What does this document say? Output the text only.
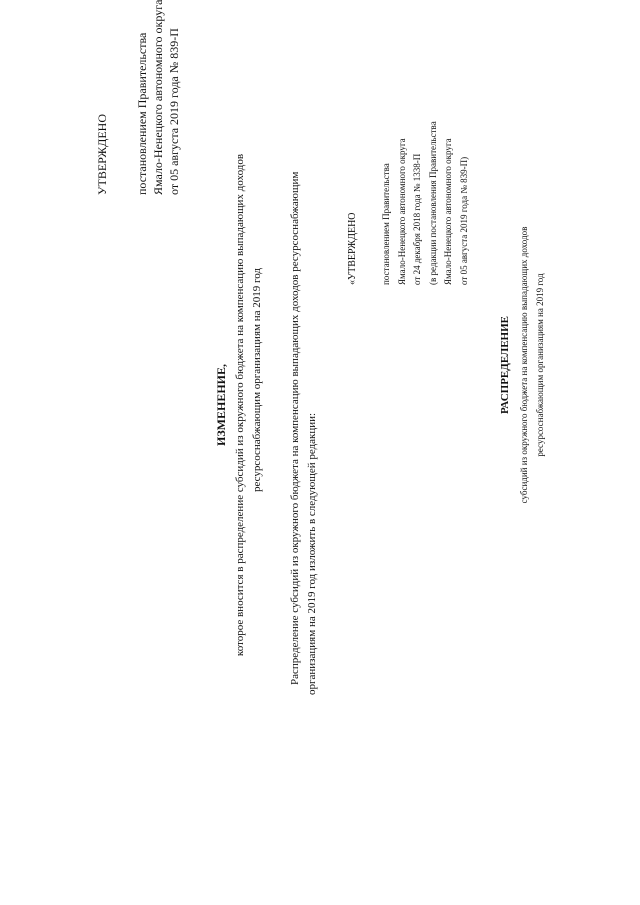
УТВЕРЖДЕНО постановлением Правительства Ямало-Ненецкого автономного округа от 05 августа 2019 года № 839-П
ИЗМЕНЕНИЕ, которое вносится в распределение субсидий из окружного бюджета на компенсацию выпадающих доходов ресурсоснабжающим организациям на 2019 год Распределение субсидий из окружного бюджета на компенсацию выпадающих доходов ресурсоснабжающим организациям на 2019 год изложить в следующей редакции:
«УТВЕРЖДЕНО	постановлением Правительства Ямало-Ненецкого автономного округа от 24 декабря 2018 года № 1338-П (в редакции постановления Правительства Ямало-Ненецкого автономного округа от 05 августа 2019 года № 839-П)
РАСПРЕДЕЛЕНИЕ субсидий из окружного бюджета на компенсацию выпадающих доходов ресурсоснабжающим организациям на 2019 год
